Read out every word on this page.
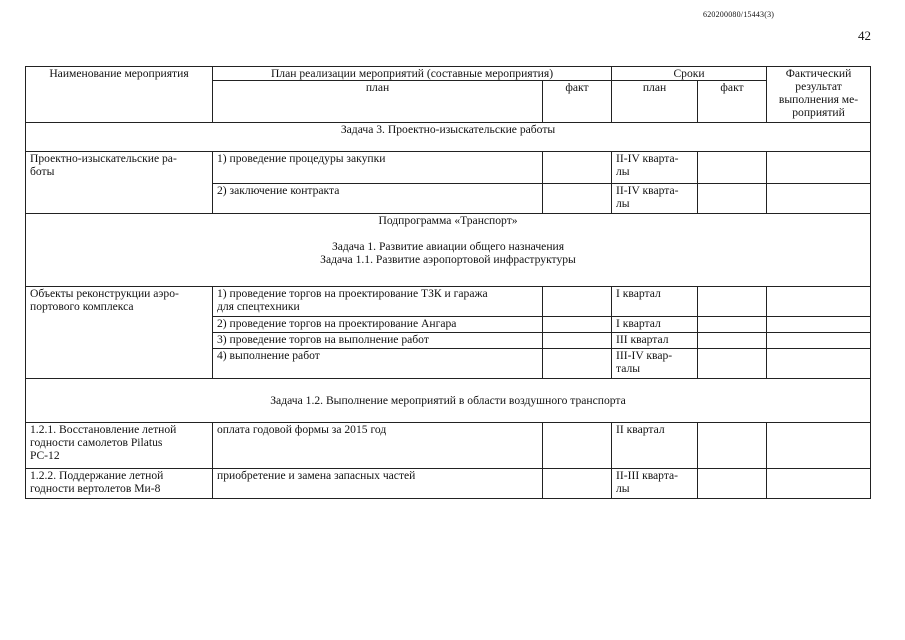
620200080/15443(3)
42
Наименование мероприятия	План реализации мероприятий (составные мероприятия)		Сроки		Фактический
результат
выполнения ме-
роприятий

	план	факт	план	факт	
Задача 3. Проектно-изыскательские работы					

Проектно-изыскательские ра-
боты	1) проведение процедуры закупки		II-IV кварта-
лы		

	2) заключение контракта		II-IV кварта-
лы		

Подпрограмма «Транспорт»
Задача 1. Развитие авиации общего назначения
Задача 1.1. Развитие аэропортовой инфраструктуры					

Объекты реконструкции аэро-
портового комплекса	1) проведение торгов на проектирование ТЗК и гаража
для спецтехники		I квартал		
	2) проведение торгов на проектирование Ангара		I квартал		
	3) проведение торгов на выполнение работ		III квартал		
	4) выполнение работ		III-IV квар-
талы		

Задача 1.2. Выполнение мероприятий в области воздушного транспорта					

1.2.1. Восстановление летной
годности самолетов Pilatus
PC-12	оплата годовой формы за 2015 год		II квартал		

1.2.2. Поддержание летной
годности вертолетов Ми-8	приобретение и замена запасных частей		II-III кварта-
лы		
